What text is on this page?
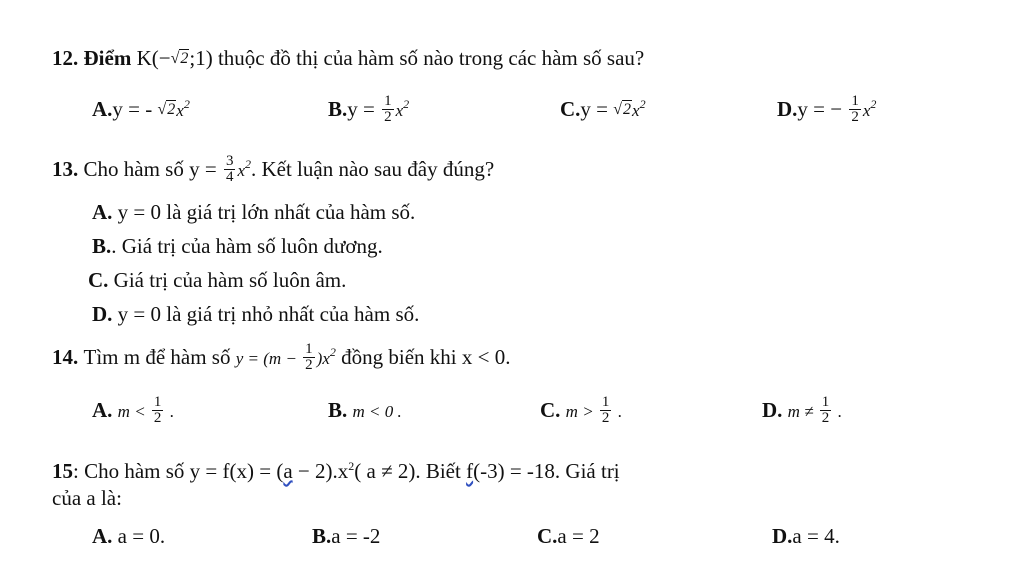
12. Điểm K(−√2;1) thuộc đồ thị của hàm số nào trong các hàm số sau?
A.y = - $√2x^2$	$B.y = \frac{1}{2} x^2$	$C.y = √2x^2$	D.y = − $\frac{1}{2} x^2$
13. Cho hàm số $y = \frac{3}{4} x^2$. Kết luận nào sau đây đúng?
A. y = 0 là giá trị lớn nhất của hàm số.
B.. Giá trị của hàm số luôn dương.
C. Giá trị của hàm số luôn âm.
D. y = 0 là giá trị nhỏ nhất của hàm số.
14. Tìm m để hàm số $y = (m - \frac{1}{2} )x^2$ đồng biến khi x < 0.
A. $m < \frac{1}{2}$ .	B. m < 0 .	C. $m > \frac{1}{2}$ .	D. $m \ne \frac{1}{2}$ .
15: Cho hàm số $y = f(x) = (a - 2).x^2$( a ≠ 2). Biết f(-3) = -18. Giá trị
của a là:
A. a = 0.	B.a = -2	C.a = 2	D.a = 4.
